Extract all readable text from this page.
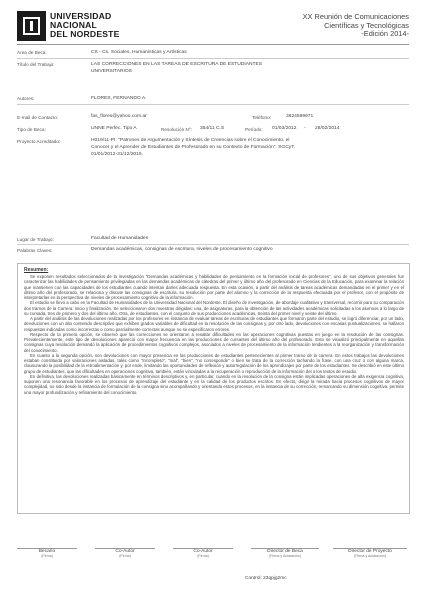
UNIVERSIDAD
NACIONAL
DEL NORDESTE
XX Reunión de Comunicaciones
Científicas y Tecnológicas
-Edición 2014-
Área de Beca:	CS - Cs. Sociales, Humanísticas y Artísticas
Título del Trabajo:	LAS CORRECCIONES EN LAS TAREAS DE ESCRITURA DE ESTUDIANTES
UNIVERSITARIOS
Autores:	FLORES, FERNANDO A.
E-mail de Contacto:	fas_flores@yahoo.com.ar	Teléfono:	3624569971
Tipo de Beca:	UNNE Perfec. Tipo A	Resolución Nº: 354/11 C.S	Período: 01/03/2012 - 28/02/2014
Proyecto Acreditado:	H019/11-PI: "Patrones de Argumentación y Síntesis de Creencias sobre el Conocimiento, el
Conocer y el Aprender de Estudiantes de Profesorado en su Contexto de Formación". SGCyT.
01/01/2012-31/12/2015.
Lugar de Trabajo:	Facultad de Humanidades
Palabras Claves:	Demandas académicas, consignas de escritura, niveles de procesamiento cognitivo
Resumen:

Se exponen resultados seleccionados de la investigación "Demandas académicas y habilidades de pensamiento en la formación inicial de profesores", uno de sus objetivos generales fue caracterizar las habilidades de pensamiento privilegiadas en las demandas académicas de cátedras del primer y último año del profesorado en Ciencias de la Educación, para examinar la relación que mantienen con las capacidades de los estudiantes cuando intentan darles adecuada respuesta. En esta ocasión, a partir del análisis de tareas académicas demandadas en el primer y en el último año del profesorado, se relaciona y discute las consignas de escritura, su resolución por parte del alumno y la corrección de la respuesta efectuada por el profesor, con el propósito de interpretarlas en la perspectiva de niveles de procesamiento cognitivo de la información.

El estudio se llevó a cabo en la Facultad de Humanidades de la Universidad Nacional del Nordeste. El diseño de investigación, de abordaje cualitativo y transversal, recorrió para su comparación dos tramos de la Carrera: inicio y finalización. Se seleccionaron dos muestras dirigidas: una, de asignaturas, para la obtención de las actividades académicas solicitadas a los alumnos a lo largo de su cursada, tres de primero y dos del último año. Otra, de estudiantes, con el conjunto de sus producciones académicas, treinta del primer nivel y veinte del último.

A partir del análisis de las devoluciones realizadas por los profesores en instancia de evaluar tareas de escrituras de estudiantes que formaron parte del estudio, se logró diferenciar, por un lado, devoluciones con un alto contenido descriptivo que exhiben grados variables de dificultad en la resolución de las consignas y, por otro lado, devoluciones con escasas puntualizaciones, se hallaron respuestas indicadas como incorrectas o como parcialmente correctas aunque no se especificaron errores.

Respecto de la primera opción, se observó que las correcciones se orientaron a resaltar dificultades en las operaciones cognitivas puestas en juego en la resolución de las consignas. Prevalecientemente, este tipo de devoluciones apareció con mayor frecuencia en las producciones de cursantes del último año del profesorado. Esto se visualizó principalmente en aquellas consignas cuya resolución demandó la aplicación de procedimientos cognitivos complejos, asociados a niveles de procesamiento de la información tendientes a la reorganización y transformación del conocimiento.

En cuanto a la segunda opción, son devoluciones con mayor presencia en las producciones de estudiantes pertenecientes al primer tramo de la carrera. En estos trabajos las devoluciones estaban constituida por valoraciones aisladas, tales como "incompleto", "mal", "bien", "no corresponde" o bien se trata de la corrección tachando la frase, con una cruz o con alguna marca, clausurando la posibilidad de la retroalimentación y, por ende, limitando las oportunidades de reflexión y autorregulación de los aprendizajes por parte de los estudiantes. Se describió en este último grupo de estudiantes, que las dificultades en operaciones cognitiva, también, están vinculadas a la recuperación o reproducción de la información del o los textos de estudio.

En definitiva, las devoluciones realizadas básicamente en términos descriptivos y, en particular, cuando en la resolución de la consigna están implicadas operaciones de alta exigencia cognitiva, suponen una resonancia favorable en los procesos de aprendizaje del estudiante y en la calidad de los productos escritos. En efecto, dirigir la mirada hacia procesos cognitivos de mayor complejidad, no solo desde la instancia de formulación de la consigna sino acompañando y orientando estos procesos, en la instancia de su corrección, remarcando su dimensión cognitiva, permite una mayor profundización y refinamiento del conocimiento.

Becario
(Firma)
Co-Autor
(Firma)
Co-Autor
(Firma)
Director de Beca
(Firma y Aclaración)
Director de Proyecto
(Firma y Aclaración)
Control: 23qpjg2mc
